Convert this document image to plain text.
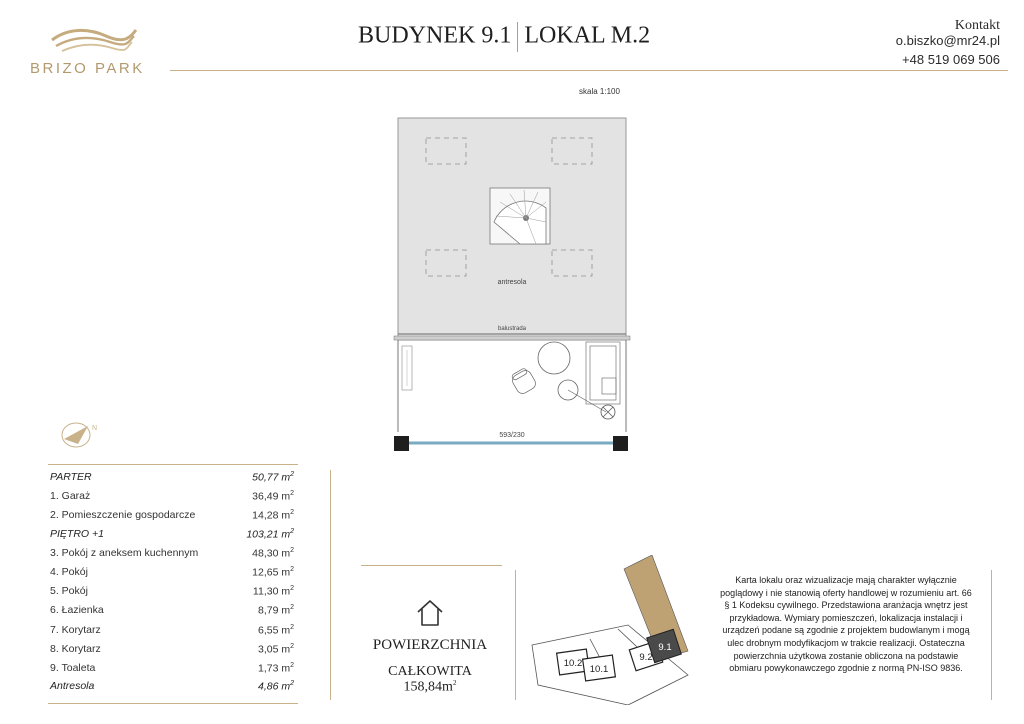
BRIZO PARK
BUDYNEK 9.1 LOKAL M.2	Kontakt
o.biszko@mr24.pl
+48 519 069 506
skala 1:100
antresola
balustrada
593/230
N
PARTER	50,77 $m^2$
1. Garaż	36,49 $m^2$
2. Pomieszczenie gospodarcze	14,28 $m^2$
PIĘTRO +1	103,21 $m^2$
3. Pokój z aneksem kuchennym	48,30 $m^2$
4. Pokój	12,65 $m^2$
5. Pokój	11,30 $m^2$
6. Łazienka	8,79 $m^2$
7. Korytarz	6,55 $m^2$
8. Korytarz	3,05 $m^2$
9. Toaleta	1,73 $m^2$
Antresola	4,86 $m^2$
POWIERZCHNIA
CAŁKOWITA
$158,84m^2$
10.2
10.1
9.2
9.1
Karta lokalu oraz wizualizacje mają charakter wyłącznie poglądowy i nie stanowią oferty handlowej w rozumieniu art. 66 § 1 Kodeksu cywilnego. Przedstawiona aranżacja wnętrz jest przykładowa. Wymiary pomieszczeń, lokalizacja instalacji i urządzeń podane są zgodnie z projektem budowlanym i mogą ulec drobnym modyfikacjom w trakcie realizacji. Ostateczna powierzchnia użytkowa zostanie obliczona na podstawie obmiaru powykonawczego zgodnie z normą PN-ISO 9836.
